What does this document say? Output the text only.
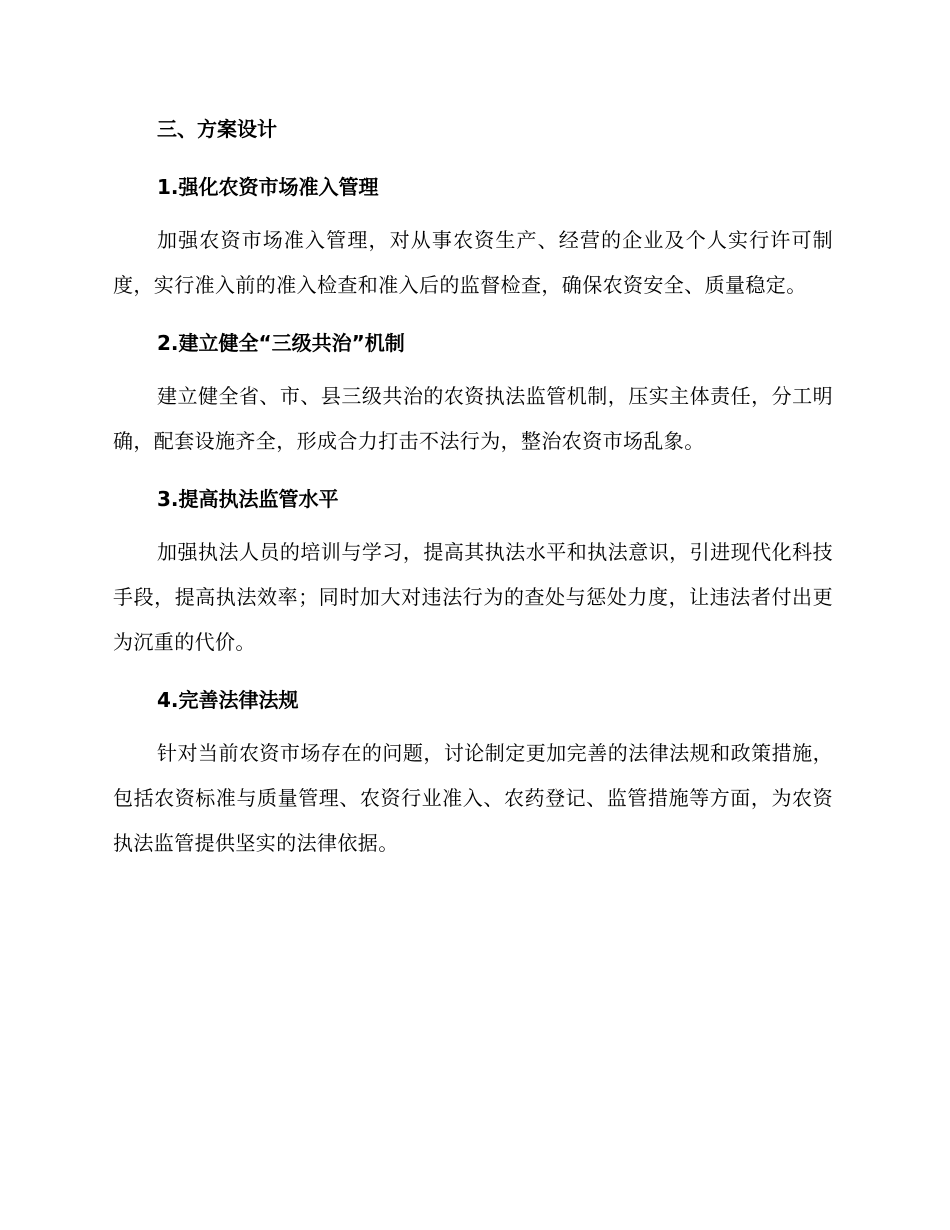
三、方案设计
1.强化农资市场准入管理

加强农资市场准入管理，对从事农资生产、经营的企业及个人实行许可制度，实行准入前的准入检查和准入后的监督检查，确保农资安全、质量稳定。

2.建立健全“三级共治”机制

建立健全省、市、县三级共治的农资执法监管机制，压实主体责任，分工明确，配套设施齐全，形成合力打击不法行为，整治农资市场乱象。

3.提高执法监管水平

加强执法人员的培训与学习，提高其执法水平和执法意识，引进现代化科技手段，提高执法效率；同时加大对违法行为的查处与惩处力度，让违法者付出更为沉重的代价。

4.完善法律法规

针对当前农资市场存在的问题，讨论制定更加完善的法律法规和政策措施，包括农资标准与质量管理、农资行业准入、农药登记、监管措施等方面，为农资执法监管提供坚实的法律依据。
